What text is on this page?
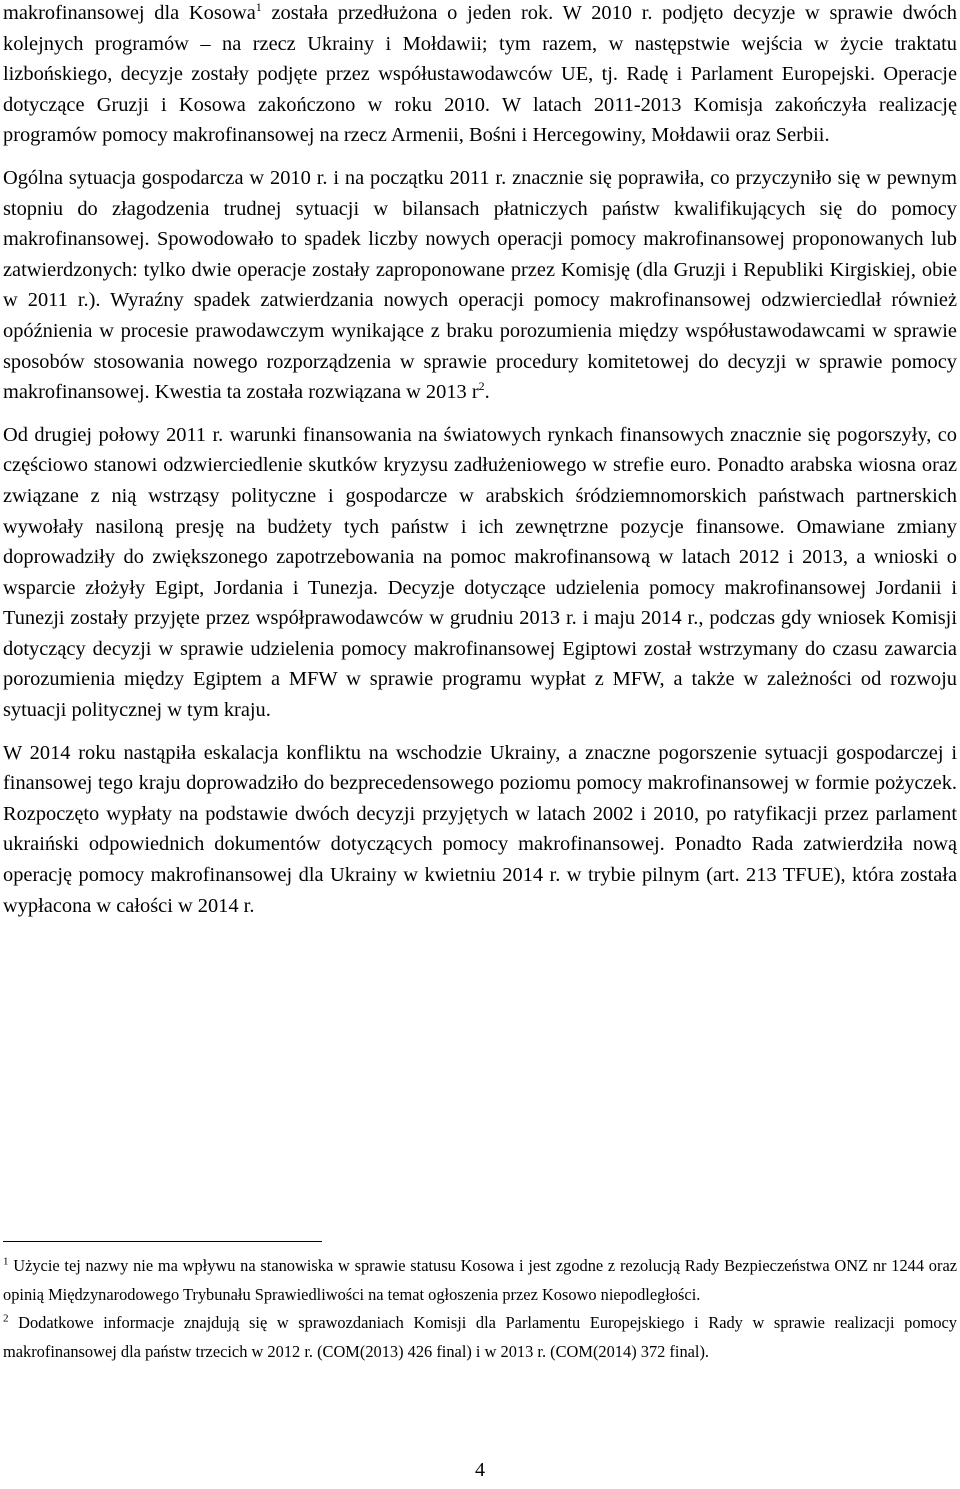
makrofinansowej dla Kosowa$^1$ została przedłużona o jeden rok. W 2010 r. podjęto decyzje w sprawie dwóch kolejnych programów – na rzecz Ukrainy i Mołdawii; tym razem, w następstwie wejścia w życie traktatu lizbońskiego, decyzje zostały podjęte przez współustawodawców UE, tj. Radę i Parlament Europejski. Operacje dotyczące Gruzji i Kosowa zakończono w roku 2010. W latach 2011-2013 Komisja zakończyła realizację programów pomocy makrofinansowej na rzecz Armenii, Bośni i Hercegowiny, Mołdawii oraz Serbii.

Ogólna sytuacja gospodarcza w 2010 r. i na początku 2011 r. znacznie się poprawiła, co przyczyniło się w pewnym stopniu do złagodzenia trudnej sytuacji w bilansach płatniczych państw kwalifikujących się do pomocy makrofinansowej. Spowodowało to spadek liczby nowych operacji pomocy makrofinansowej proponowanych lub zatwierdzonych: tylko dwie operacje zostały zaproponowane przez Komisję (dla Gruzji i Republiki Kirgiskiej, obie w 2011 r.). Wyraźny spadek zatwierdzania nowych operacji pomocy makrofinansowej odzwierciedlał również opóźnienia w procesie prawodawczym wynikające z braku porozumienia między współustawodawcami w sprawie sposobów stosowania nowego rozporządzenia w sprawie procedury komitetowej do decyzji w sprawie pomocy makrofinansowej. Kwestia ta została rozwiązana w 2013 $r^2$.

Od drugiej połowy 2011 r. warunki finansowania na światowych rynkach finansowych znacznie się pogorszyły, co częściowo stanowi odzwierciedlenie skutków kryzysu zadłużeniowego w strefie euro. Ponadto arabska wiosna oraz związane z nią wstrząsy polityczne i gospodarcze w arabskich śródziemnomorskich państwach partnerskich wywołały nasiloną presję na budżety tych państw i ich zewnętrzne pozycje finansowe. Omawiane zmiany doprowadziły do zwiększonego zapotrzebowania na pomoc makrofinansową w latach 2012 i 2013, a wnioski o wsparcie złożyły Egipt, Jordania i Tunezja. Decyzje dotyczące udzielenia pomocy makrofinansowej Jordanii i Tunezji zostały przyjęte przez współprawodawców w grudniu 2013 r. i maju 2014 r., podczas gdy wniosek Komisji dotyczący decyzji w sprawie udzielenia pomocy makrofinansowej Egiptowi został wstrzymany do czasu zawarcia porozumienia między Egiptem a MFW w sprawie programu wypłat z MFW, a także w zależności od rozwoju sytuacji politycznej w tym kraju.

W 2014 roku nastąpiła eskalacja konfliktu na wschodzie Ukrainy, a znaczne pogorszenie sytuacji gospodarczej i finansowej tego kraju doprowadziło do bezprecedensowego poziomu pomocy makrofinansowej w formie pożyczek. Rozpoczęto wypłaty na podstawie dwóch decyzji przyjętych w latach 2002 i 2010, po ratyfikacji przez parlament ukraiński odpowiednich dokumentów dotyczących pomocy makrofinansowej. Ponadto Rada zatwierdziła nową operację pomocy makrofinansowej dla Ukrainy w kwietniu 2014 r. w trybie pilnym (art. 213 TFUE), która została wypłacona w całości w 2014 r.

$^1$ Użycie tej nazwy nie ma wpływu na stanowiska w sprawie statusu Kosowa i jest zgodne z rezolucją Rady Bezpieczeństwa ONZ nr 1244 oraz opinią Międzynarodowego Trybunału Sprawiedliwości na temat ogłoszenia przez Kosowo niepodległości.

$^2$ Dodatkowe informacje znajdują się w sprawozdaniach Komisji dla Parlamentu Europejskiego i Rady w sprawie realizacji pomocy makrofinansowej dla państw trzecich w 2012 r. (COM(2013) 426 final) i w 2013 r. (COM(2014) 372 final).

4
